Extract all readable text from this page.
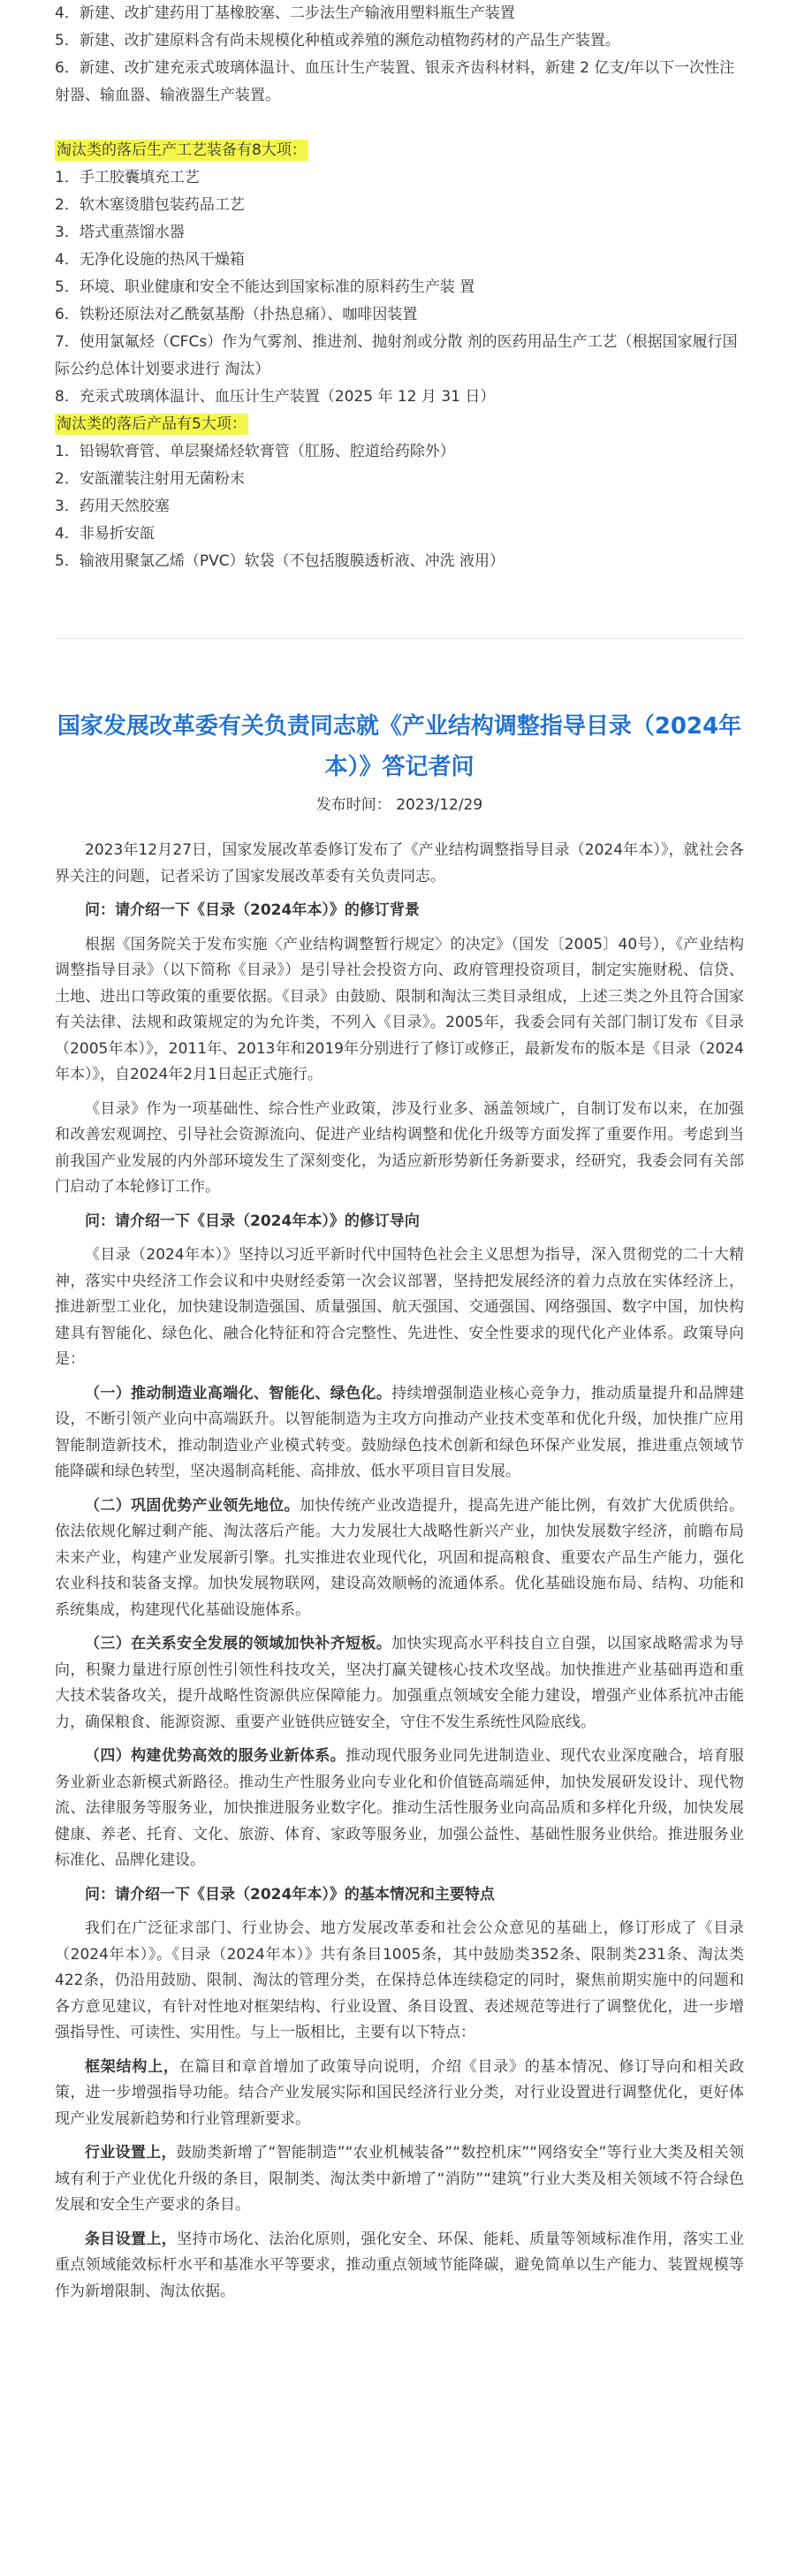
4．新建、改扩建药用丁基橡胶塞、二步法生产输液用塑料瓶生产装置

5．新建、改扩建原料含有尚未规模化种植或养殖的濒危动植物药材的产品生产装置。

6．新建、改扩建充汞式玻璃体温计、血压计生产装置、银汞齐齿科材料，新建 2 亿支/年以下一次性注射器、输血器、输液器生产装置。

淘汰类的落后生产工艺装备有8大项：

1．手工胶囊填充工艺

2．软木塞烫腊包装药品工艺

3．塔式重蒸馏水器

4．无净化设施的热风干燥箱

5．环境、职业健康和安全不能达到国家标准的原料药生产装 置

6．铁粉还原法对乙酰氨基酚（扑热息痛）、咖啡因装置

7．使用氯氟烃（CFCs）作为气雾剂、推进剂、抛射剂或分散 剂的医药用品生产工艺（根据国家履行国际公约总体计划要求进行 淘汰）

8．充汞式玻璃体温计、血压计生产装置（2025 年 12 月 31 日）

淘汰类的落后产品有5大项：

1．铅锡软膏管、单层聚烯烃软膏管（肛肠、腔道给药除外）

2．安瓿灌装注射用无菌粉末

3．药用天然胶塞

4．非易折安瓿

5．输液用聚氯乙烯（PVC）软袋（不包括腹膜透析液、冲洗 液用）

国家发展改革委有关负责同志就《产业结构调整指导目录（2024年本）》答记者问
发布时间： 2023/12/29

2023年12月27日，国家发展改革委修订发布了《产业结构调整指导目录（2024年本）》，就社会各界关注的问题，记者采访了国家发展改革委有关负责同志。

问：请介绍一下《目录（2024年本）》的修订背景

根据《国务院关于发布实施〈产业结构调整暂行规定〉的决定》（国发〔2005〕40号），《产业结构调整指导目录》（以下简称《目录》）是引导社会投资方向、政府管理投资项目，制定实施财税、信贷、土地、进出口等政策的重要依据。《目录》由鼓励、限制和淘汰三类目录组成，上述三类之外且符合国家有关法律、法规和政策规定的为允许类，不列入《目录》。2005年，我委会同有关部门制订发布《目录（2005年本）》，2011年、2013年和2019年分别进行了修订或修正，最新发布的版本是《目录（2024年本）》，自2024年2月1日起正式施行。

《目录》作为一项基础性、综合性产业政策，涉及行业多、涵盖领域广，自制订发布以来，在加强和改善宏观调控、引导社会资源流向、促进产业结构调整和优化升级等方面发挥了重要作用。考虑到当前我国产业发展的内外部环境发生了深刻变化，为适应新形势新任务新要求，经研究，我委会同有关部门启动了本轮修订工作。

问：请介绍一下《目录（2024年本）》的修订导向

《目录（2024年本）》坚持以习近平新时代中国特色社会主义思想为指导，深入贯彻党的二十大精神，落实中央经济工作会议和中央财经委第一次会议部署，坚持把发展经济的着力点放在实体经济上，推进新型工业化，加快建设制造强国、质量强国、航天强国、交通强国、网络强国、数字中国，加快构建具有智能化、绿色化、融合化特征和符合完整性、先进性、安全性要求的现代化产业体系。政策导向是：

（一）推动制造业高端化、智能化、绿色化。持续增强制造业核心竞争力，推动质量提升和品牌建设，不断引领产业向中高端跃升。以智能制造为主攻方向推动产业技术变革和优化升级，加快推广应用智能制造新技术，推动制造业产业模式转变。鼓励绿色技术创新和绿色环保产业发展，推进重点领域节能降碳和绿色转型，坚决遏制高耗能、高排放、低水平项目盲目发展。

（二）巩固优势产业领先地位。加快传统产业改造提升，提高先进产能比例，有效扩大优质供给。依法依规化解过剩产能、淘汰落后产能。大力发展壮大战略性新兴产业，加快发展数字经济，前瞻布局未来产业，构建产业发展新引擎。扎实推进农业现代化，巩固和提高粮食、重要农产品生产能力，强化农业科技和装备支撑。加快发展物联网，建设高效顺畅的流通体系。优化基础设施布局、结构、功能和系统集成，构建现代化基础设施体系。

（三）在关系安全发展的领域加快补齐短板。加快实现高水平科技自立自强，以国家战略需求为导向，积聚力量进行原创性引领性科技攻关，坚决打赢关键核心技术攻坚战。加快推进产业基础再造和重大技术装备攻关，提升战略性资源供应保障能力。加强重点领域安全能力建设，增强产业体系抗冲击能力，确保粮食、能源资源、重要产业链供应链安全，守住不发生系统性风险底线。

（四）构建优势高效的服务业新体系。推动现代服务业同先进制造业、现代农业深度融合，培育服务业新业态新模式新路径。推动生产性服务业向专业化和价值链高端延伸，加快发展研发设计、现代物流、法律服务等服务业，加快推进服务业数字化。推动生活性服务业向高品质和多样化升级，加快发展健康、养老、托育、文化、旅游、体育、家政等服务业，加强公益性、基础性服务业供给。推进服务业标准化、品牌化建设。

问：请介绍一下《目录（2024年本）》的基本情况和主要特点

我们在广泛征求部门、行业协会、地方发展改革委和社会公众意见的基础上，修订形成了《目录（2024年本）》。《目录（2024年本）》共有条目1005条，其中鼓励类352条、限制类231条、淘汰类422条，仍沿用鼓励、限制、淘汰的管理分类，在保持总体连续稳定的同时，聚焦前期实施中的问题和各方意见建议，有针对性地对框架结构、行业设置、条目设置、表述规范等进行了调整优化，进一步增强指导性、可读性、实用性。与上一版相比，主要有以下特点：

框架结构上，在篇目和章首增加了政策导向说明，介绍《目录》的基本情况、修订导向和相关政策，进一步增强指导功能。结合产业发展实际和国民经济行业分类，对行业设置进行调整优化，更好体现产业发展新趋势和行业管理新要求。

行业设置上，鼓励类新增了“智能制造”“农业机械装备”“数控机床”“网络安全”等行业大类及相关领域有利于产业优化升级的条目，限制类、淘汰类中新增了“消防”“建筑”行业大类及相关领域不符合绿色发展和安全生产要求的条目。

条目设置上，坚持市场化、法治化原则，强化安全、环保、能耗、质量等领域标准作用，落实工业重点领域能效标杆水平和基准水平等要求，推动重点领域节能降碳，避免简单以生产能力、装置规模等作为新增限制、淘汰依据。
